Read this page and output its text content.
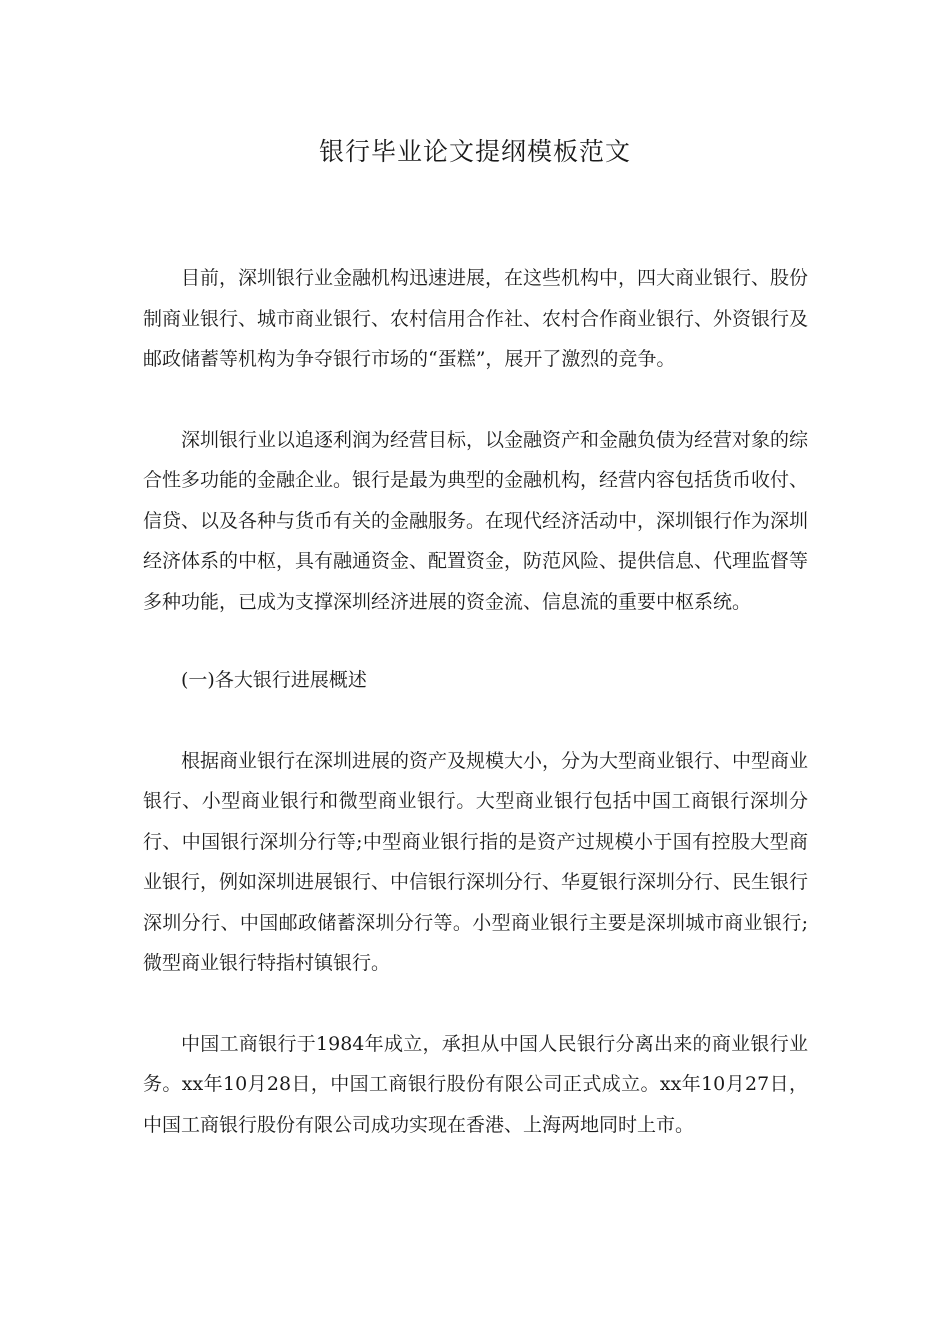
银行毕业论文提纲模板范文

目前，深圳银行业金融机构迅速进展，在这些机构中，四大商业银行、股份制商业银行、城市商业银行、农村信用合作社、农村合作商业银行、外资银行及邮政储蓄等机构为争夺银行市场的“蛋糕”，展开了激烈的竞争。

深圳银行业以追逐利润为经营目标，以金融资产和金融负债为经营对象的综合性多功能的金融企业。银行是最为典型的金融机构，经营内容包括货币收付、信贷、以及各种与货币有关的金融服务。在现代经济活动中，深圳银行作为深圳经济体系的中枢，具有融通资金、配置资金，防范风险、提供信息、代理监督等多种功能，已成为支撑深圳经济进展的资金流、信息流的重要中枢系统。

(一)各大银行进展概述

根据商业银行在深圳进展的资产及规模大小，分为大型商业银行、中型商业银行、小型商业银行和微型商业银行。大型商业银行包括中国工商银行深圳分行、中国银行深圳分行等;中型商业银行指的是资产过规模小于国有控股大型商业银行，例如深圳进展银行、中信银行深圳分行、华夏银行深圳分行、民生银行深圳分行、中国邮政储蓄深圳分行等。小型商业银行主要是深圳城市商业银行;微型商业银行特指村镇银行。

中国工商银行于1984年成立，承担从中国人民银行分离出来的商业银行业务。xx年10月28日，中国工商银行股份有限公司正式成立。xx年10月27日，中国工商银行股份有限公司成功实现在香港、上海两地同时上市。
